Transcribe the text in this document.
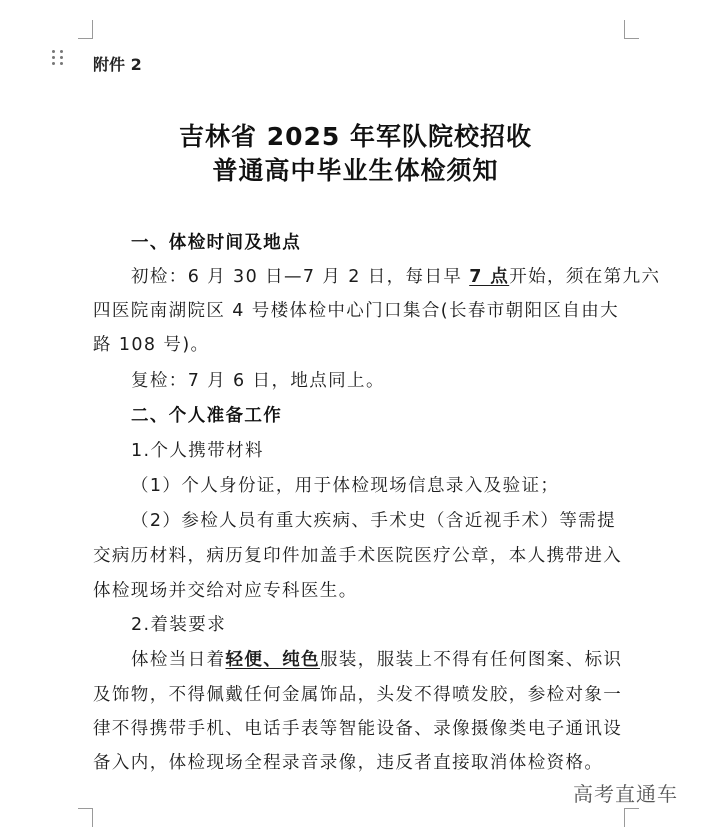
附件 2
吉林省 2025 年军队院校招收
普通高中毕业生体检须知
一、体检时间及地点
初检：6 月 30 日—7 月 2 日，每日早 7 点开始，须在第九六
四医院南湖院区 4 号楼体检中心门口集合(长春市朝阳区自由大
路 108 号)。
复检：7 月 6 日，地点同上。
二、个人准备工作
1.个人携带材料
（1）个人身份证，用于体检现场信息录入及验证；
（2）参检人员有重大疾病、手术史（含近视手术）等需提
交病历材料，病历复印件加盖手术医院医疗公章，本人携带进入
体检现场并交给对应专科医生。
2.着装要求
体检当日着轻便、纯色服装，服装上不得有任何图案、标识
及饰物，不得佩戴任何金属饰品，头发不得喷发胶，参检对象一
律不得携带手机、电话手表等智能设备、录像摄像类电子通讯设
备入内，体检现场全程录音录像，违反者直接取消体检资格。
高考直通车
